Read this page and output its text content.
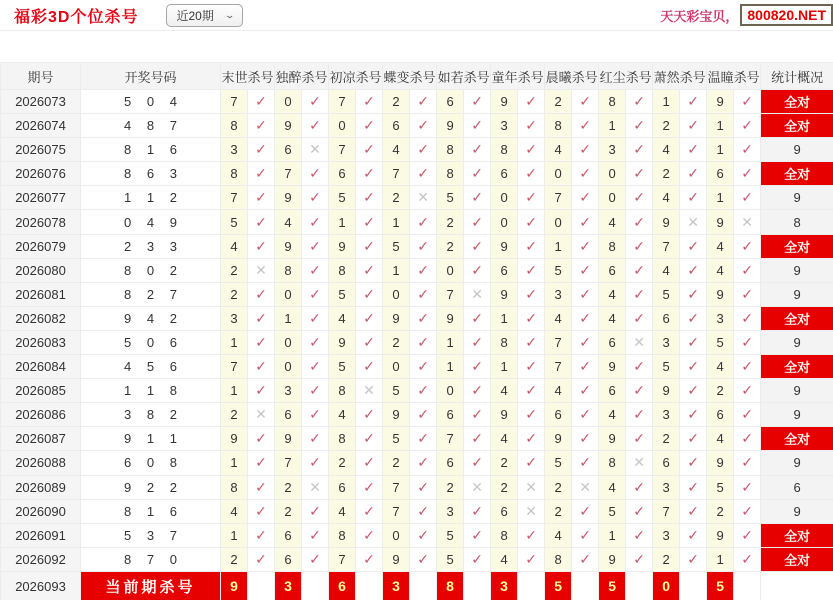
福彩3D个位杀号	近20期 ⌄	天天彩宝贝， 800820.NET
期号	开奖号码	末世杀号		独醉杀号		初凉杀号		蝶变杀号		如若杀号		童年杀号		晨曦杀号		红尘杀号		萧然杀号		温瞳杀号		统计概况
2026073	5 0 4	7	✓	0	✓	7	✓	2	✓	6	✓	9	✓	2	✓	8	✓	1	✓	9	✓	全对
2026074	4 8 7	8	✓	9	✓	0	✓	6	✓	9	✓	3	✓	8	✓	1	✓	2	✓	1	✓	全对
2026075	8 1 6	3	✓	6	✕	7	✓	4	✓	8	✓	8	✓	4	✓	3	✓	4	✓	1	✓	9
2026076	8 6 3	8	✓	7	✓	6	✓	7	✓	8	✓	6	✓	0	✓	0	✓	2	✓	6	✓	全对
2026077	1 1 2	7	✓	9	✓	5	✓	2	✕	5	✓	0	✓	7	✓	0	✓	4	✓	1	✓	9
2026078	0 4 9	5	✓	4	✓	1	✓	1	✓	2	✓	0	✓	0	✓	4	✓	9	✕	9	✕	8
2026079	2 3 3	4	✓	9	✓	9	✓	5	✓	2	✓	9	✓	1	✓	8	✓	7	✓	4	✓	全对
2026080	8 0 2	2	✕	8	✓	8	✓	1	✓	0	✓	6	✓	5	✓	6	✓	4	✓	4	✓	9
2026081	8 2 7	2	✓	0	✓	5	✓	0	✓	7	✕	9	✓	3	✓	4	✓	5	✓	9	✓	9
2026082	9 4 2	3	✓	1	✓	4	✓	9	✓	9	✓	1	✓	4	✓	4	✓	6	✓	3	✓	全对
2026083	5 0 6	1	✓	0	✓	9	✓	2	✓	1	✓	8	✓	7	✓	6	✕	3	✓	5	✓	9
2026084	4 5 6	7	✓	0	✓	5	✓	0	✓	1	✓	1	✓	7	✓	9	✓	5	✓	4	✓	全对
2026085	1 1 8	1	✓	3	✓	8	✕	5	✓	0	✓	4	✓	4	✓	6	✓	9	✓	2	✓	9
2026086	3 8 2	2	✕	6	✓	4	✓	9	✓	6	✓	9	✓	6	✓	4	✓	3	✓	6	✓	9
2026087	9 1 1	9	✓	9	✓	8	✓	5	✓	7	✓	4	✓	9	✓	9	✓	2	✓	4	✓	全对
2026088	6 0 8	1	✓	7	✓	2	✓	2	✓	6	✓	2	✓	5	✓	8	✕	6	✓	9	✓	9
2026089	9 2 2	8	✓	2	✕	6	✓	7	✓	2	✕	2	✕	2	✕	4	✓	3	✓	5	✓	6
2026090	8 1 6	4	✓	2	✓	4	✓	7	✓	3	✓	6	✕	2	✓	5	✓	7	✓	2	✓	9
2026091	5 3 7	1	✓	6	✓	8	✓	0	✓	5	✓	8	✓	4	✓	1	✓	3	✓	9	✓	全对
2026092	8 7 0	2	✓	6	✓	7	✓	9	✓	5	✓	4	✓	8	✓	9	✓	2	✓	1	✓	全对
2026093	当前期杀号	9		3		6		3		8		3		5		5		0		5		
